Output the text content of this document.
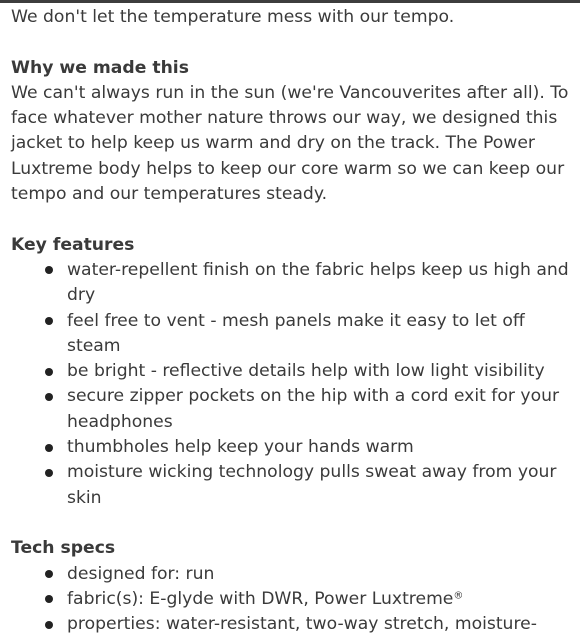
We don't let the temperature mess with our tempo.

Why we made this

We can't always run in the sun (we're Vancouverites after all). To face whatever mother nature throws our way, we designed this jacket to help keep us warm and dry on the track. The Power Luxtreme body helps to keep our core warm so we can keep our tempo and our temperatures steady.

Key features
water-repellent finish on the fabric helps keep us high and dry
feel free to vent - mesh panels make it easy to let off steam
be bright - reflective details help with low light visibility
secure zipper pockets on the hip with a cord exit for your headphones
thumbholes help keep your hands warm
moisture wicking technology pulls sweat away from your skin
Tech specs
designed for: run
fabric(s): E-glyde with DWR, Power Luxtreme®
properties: water-resistant, two-way stretch, moisture-
